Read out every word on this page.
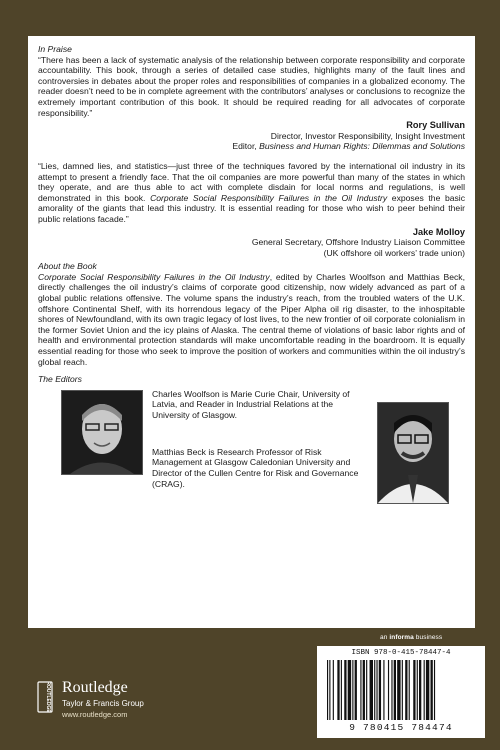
In Praise

“There has been a lack of systematic analysis of the relationship between corporate responsibility and corporate accountability. This book, through a series of detailed case studies, highlights many of the fault lines and controversies in debates about the proper roles and responsibilities of companies in a globalized economy. The reader doesn’t need to be in complete agreement with the contributors’ analyses or conclusions to recognize the extremely important contribution of this book. It should be required reading for all advocates of corporate responsibility.”

Rory Sullivan
Director, Investor Responsibility, Insight Investment
Editor, Business and Human Rights: Dilemmas and Solutions

“Lies, damned lies, and statistics—just three of the techniques favored by the international oil industry in its attempt to present a friendly face. That the oil companies are more powerful than many of the states in which they operate, and are thus able to act with complete disdain for local norms and regulations, is well demonstrated in this book. Corporate Social Responsibility Failures in the Oil Industry exposes the basic amorality of the giants that lead this industry. It is essential reading for those who wish to peer behind their public relations facade.”

Jake Molloy
General Secretary, Offshore Industry Liaison Committee
(UK offshore oil workers’ trade union)

About the Book

Corporate Social Responsibility Failures in the Oil Industry, edited by Charles Woolfson and Matthias Beck, directly challenges the oil industry’s claims of corporate good citizenship, now widely advanced as part of a global public relations offensive. The volume spans the industry’s reach, from the troubled waters of the U.K. offshore Continental Shelf, with its horrendous legacy of the Piper Alpha oil rig disaster, to the inhospitable shores of Newfoundland, with its own tragic legacy of lost lives, to the new frontier of oil corporate colonialism in the former Soviet Union and the icy plains of Alaska. The central theme of violations of basic labor rights and of health and environmental protection standards will make uncomfortable reading in the boardroom. It is equally essential reading for those who seek to improve the position of workers and communities within the oil industry’s global reach.

The Editors

Charles Woolfson is Marie Curie Chair, University of Latvia, and Reader in Industrial Relations at the University of Glasgow.
Matthias Beck is Research Professor of Risk Management at Glasgow Caledonian University and Director of the Cullen Centre for Risk and Governance (CRAG).
an informa business
ROUTLEDGE Routledge
Taylor & Francis Group
www.routledge.com
ISBN 978-0-415-78447-4
9 780415 784474
